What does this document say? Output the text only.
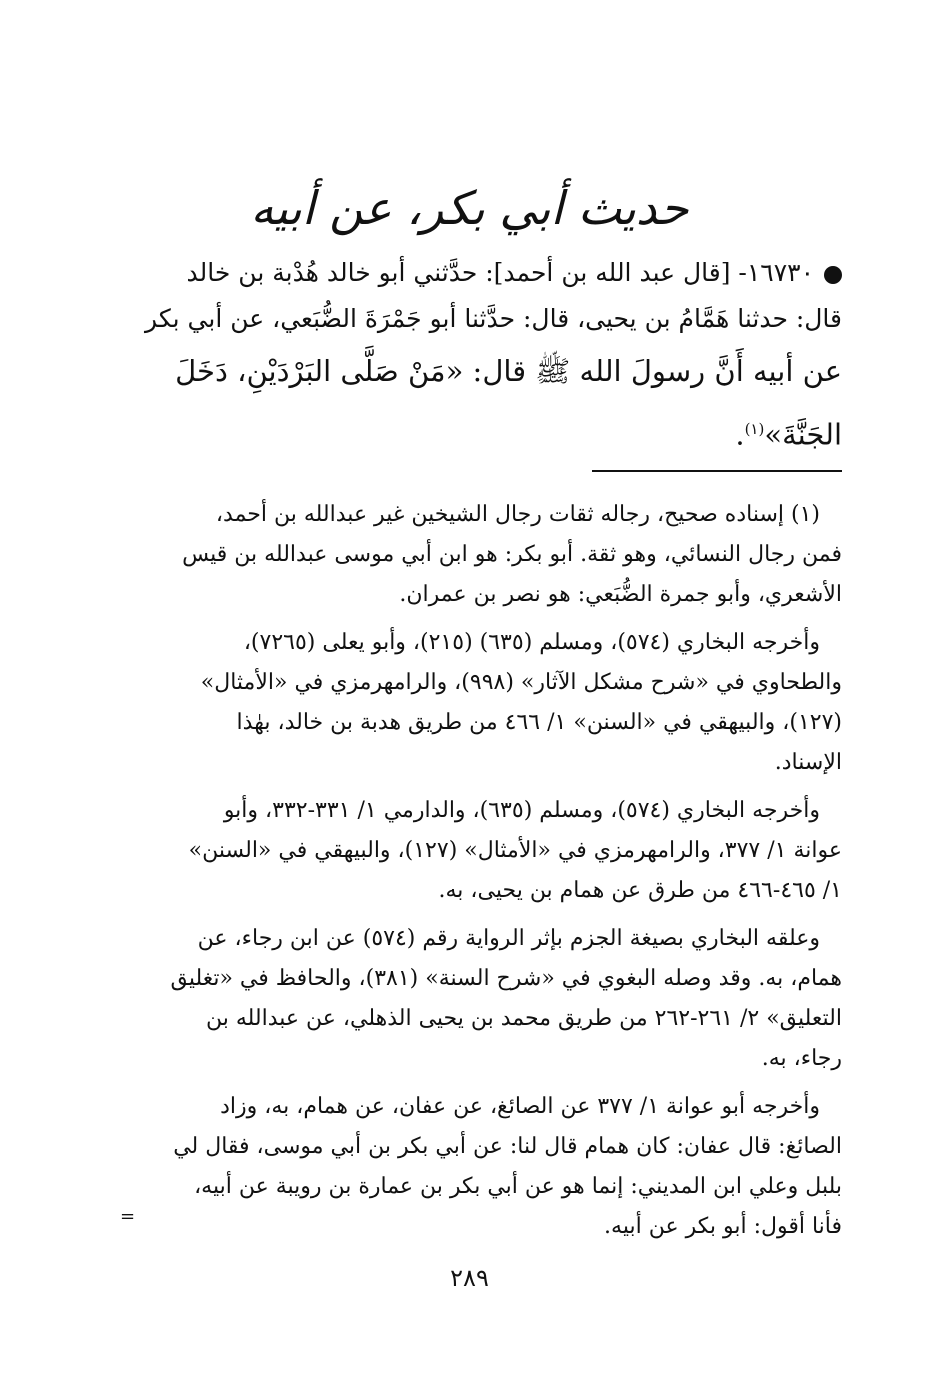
حديث أبي بكر، عن أبيه
١٦٧٣٠- [قال عبد الله بن أحمد]: حدَّثني أبو خالد هُدْبة بن خالد
قال: حدثنا هَمَّامُ بن يحيى، قال: حدَّثنا أبو جَمْرَةَ الضُّبَعي، عن أبي بكر
عن أبيه أَنَّ رسولَ الله ﷺ قال: «مَنْ صَلَّى البَرْدَيْنِ، دَخَلَ
الجَنَّةَ»$^{(١)}$.
(١) إسناده صحيح، رجاله ثقات رجال الشيخين غير عبدالله بن أحمد،
فمن رجال النسائي، وهو ثقة. أبو بكر: هو ابن أبي موسى عبدالله بن قيس
الأشعري، وأبو جمرة الضُّبَعي: هو نصر بن عمران.
وأخرجه البخاري (٥٧٤)، ومسلم (٦٣٥) (٢١٥)، وأبو يعلى (٧٢٦٥)،
والطحاوي في «شرح مشكل الآثار» (٩٩٨)، والرامهرمزي في «الأمثال»
(١٢٧)، والبيهقي في «السنن» ١/ ٤٦٦ من طريق هدبة بن خالد، بهٰذا
الإسناد.
وأخرجه البخاري (٥٧٤)، ومسلم (٦٣٥)، والدارمي ١/ ٣٣١-٣٣٢، وأبو
عوانة ١/ ٣٧٧، والرامهرمزي في «الأمثال» (١٢٧)، والبيهقي في «السنن»
١/ ٤٦٥-٤٦٦ من طرق عن همام بن يحيى، به.
وعلقه البخاري بصيغة الجزم بإثر الرواية رقم (٥٧٤) عن ابن رجاء، عن
همام، به. وقد وصله البغوي في «شرح السنة» (٣٨١)، والحافظ في «تغليق
التعليق» ٢/ ٢٦١-٢٦٢ من طريق محمد بن يحيى الذهلي، عن عبدالله بن
رجاء، به.
وأخرجه أبو عوانة ١/ ٣٧٧ عن الصائغ، عن عفان، عن همام، به، وزاد
الصائغ: قال عفان: كان همام قال لنا: عن أبي بكر بن أبي موسى، فقال لي
بلبل وعلي ابن المديني: إنما هو عن أبي بكر بن عمارة بن رويبة عن أبيه،
فأنا أقول: أبو بكر عن أبيه.
=
٢٨٩
